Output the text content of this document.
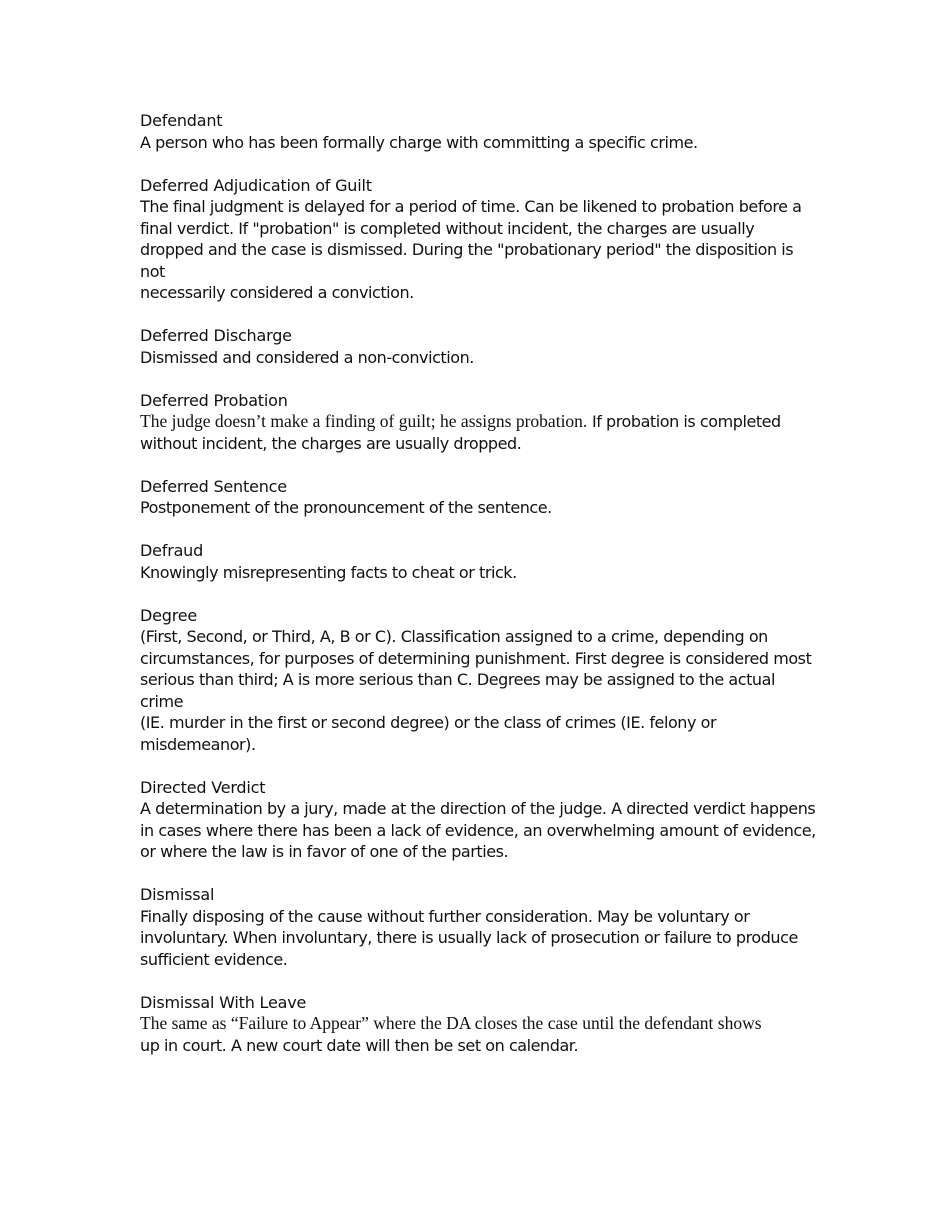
Defendant
A person who has been formally charge with committing a specific crime.
Deferred Adjudication of Guilt
The final judgment is delayed for a period of time. Can be likened to probation before a
final verdict. If "probation" is completed without incident, the charges are usually
dropped and the case is dismissed. During the "probationary period" the disposition is not
necessarily considered a conviction.
Deferred Discharge
Dismissed and considered a non-conviction.
Deferred Probation
The judge doesn’t make a finding of guilt; he assigns probation. If probation is completed
without incident, the charges are usually dropped.
Deferred Sentence
Postponement of the pronouncement of the sentence.
Defraud
Knowingly misrepresenting facts to cheat or trick.
Degree
(First, Second, or Third, A, B or C). Classification assigned to a crime, depending on
circumstances, for purposes of determining punishment. First degree is considered most
serious than third; A is more serious than C. Degrees may be assigned to the actual crime
(IE. murder in the first or second degree) or the class of crimes (IE. felony or
misdemeanor).
Directed Verdict
A determination by a jury, made at the direction of the judge. A directed verdict happens
in cases where there has been a lack of evidence, an overwhelming amount of evidence,
or where the law is in favor of one of the parties.
Dismissal
Finally disposing of the cause without further consideration. May be voluntary or
involuntary. When involuntary, there is usually lack of prosecution or failure to produce
sufficient evidence.
Dismissal With Leave
The same as “Failure to Appear” where the DA closes the case until the defendant shows
up in court. A new court date will then be set on calendar.
